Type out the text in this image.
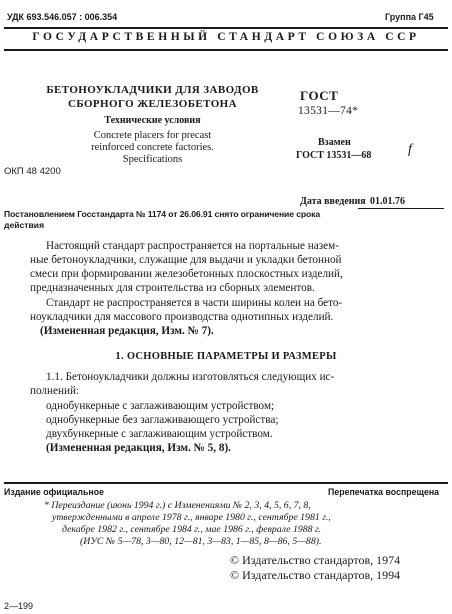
УДК 693.546.057 : 006.354	Группа Г45
ГОСУДАРСТВЕННЫЙ СТАНДАРТ СОЮЗА ССР
БЕТОНОУКЛАДЧИКИ ДЛЯ ЗАВОДОВ
СБОРНОГО ЖЕЛЕЗОБЕТОНА
Технические условия
Concrete placers for precast
reinforced concrete factories.
Specifications
ГОСТ
13531—74*
Взамен
ГОСТ 13531—68	f
ОКП 48 4200
Дата введения 01.01.76
Постановлением Госстандарта № 1174 от 26.06.91 снято ограничение срока
действия
Настоящий стандарт распространяется на портальные назем-
ные бетоноукладчики, служащие для выдачи и укладки бетонной
смеси при формировании железобетонных плоскостных изделий,
предназначенных для строительства из сборных элементов.
Стандарт не распространяется в части ширины колеи на бето-
ноукладчики для массового производства однотипных изделий.
(Измененная редакция, Изм. № 7).
1. ОСНОВНЫЕ ПАРАМЕТРЫ И РАЗМЕРЫ
1.1. Бетоноукладчики должны изготовляться следующих ис-
полнений:
однобункерные с заглаживающим устройством;
однобункерные без заглаживающего устройства;
двухбункерные с заглаживающим устройством.
(Измененная редакция, Изм. № 5, 8).
Издание официальное	Перепечатка воспрещена
* Переиздание (июнь 1994 г.) с Изменениями № 2, 3, 4, 5, 6, 7, 8,
утвержденными в апреле 1978 г., январе 1980 г., сентябре 1981 г.,
декабре 1982 г., сентябре 1984 г., мае 1986 г., феврале 1988 г.
(ИУС № 5—78, 3—80, 12—81, 3—83, 1—85, 8—86, 5—88).
© Издательство стандартов, 1974
© Издательство стандартов, 1994
2—199
